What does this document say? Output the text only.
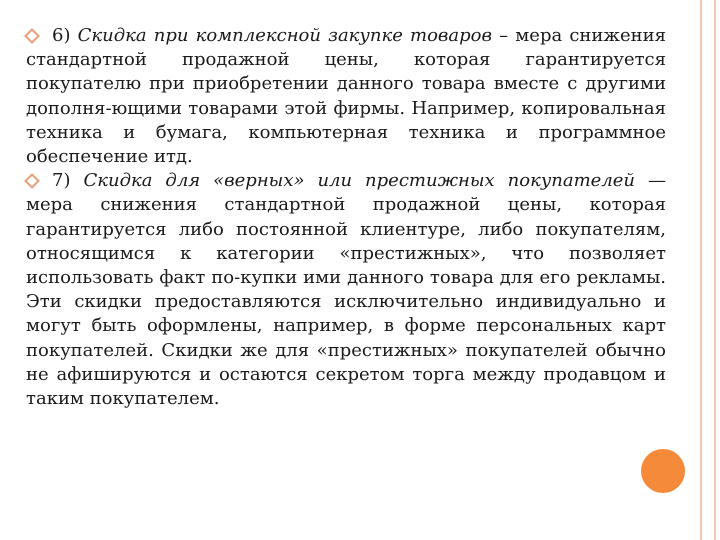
6) Скидка при комплексной закупке товаров – мера снижения стандартной продажной цены, которая гарантируется покупателю при приобретении данного товара вместе с другими дополня-ющими товарами этой фирмы. Например, копировальная техника и бумага, компьютерная техника и программное обеспечение итд.

7) Скидка для «верных» или престижных покупателей — мера снижения стандартной продажной цены, которая гарантируется либо постоянной клиентуре, либо покупателям, относящимся к категории «престижных», что позволяет использовать факт по-купки ими данного товара для его рекламы. Эти скидки предоставляются исключительно индивидуально и могут быть оформлены, например, в форме персональных карт покупателей. Скидки же для «престижных» покупателей обычно не афишируются и остаются секретом торга между продавцом и таким покупателем.
